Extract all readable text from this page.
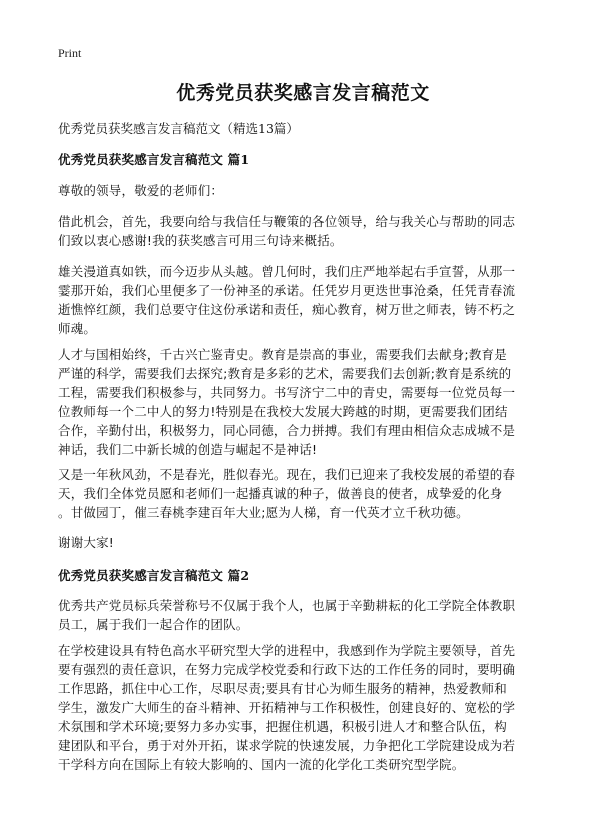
Print
优秀党员获奖感言发言稿范文
优秀党员获奖感言发言稿范文（精选13篇）
优秀党员获奖感言发言稿范文 篇1
尊敬的领导，敬爱的老师们：
借此机会，首先，我要向给与我信任与鞭策的各位领导，给与我关心与帮助的同志
们致以衷心感谢!我的获奖感言可用三句诗来概括。
雄关漫道真如铁，而今迈步从头越。曾几何时，我们庄严地举起右手宣誓，从那一
霎那开始，我们心里便多了一份神圣的承诺。任凭岁月更迭世事沧桑，任凭青春流
逝憔悴红颜，我们总要守住这份承诺和责任，痴心教育，树万世之师表，铸不朽之
师魂。
人才与国相始终，千古兴亡鉴青史。教育是崇高的事业，需要我们去献身;教育是
严谨的科学，需要我们去探究;教育是多彩的艺术，需要我们去创新;教育是系统的
工程，需要我们积极参与，共同努力。书写济宁二中的青史，需要每一位党员每一
位教师每一个二中人的努力!特别是在我校大发展大跨越的时期，更需要我们团结
合作，辛勤付出，积极努力，同心同德，合力拼搏。我们有理由相信众志成城不是
神话，我们二中新长城的创造与崛起不是神话!
又是一年秋风劲，不是春光，胜似春光。现在，我们已迎来了我校发展的希望的春
天，我们全体党员愿和老师们一起播真诚的种子，做善良的使者，成挚爱的化身
。甘做园丁，催三春桃李建百年大业;愿为人梯，育一代英才立千秋功德。
谢谢大家!
优秀党员获奖感言发言稿范文 篇2
优秀共产党员标兵荣誉称号不仅属于我个人，也属于辛勤耕耘的化工学院全体教职
员工，属于我们一起合作的团队。
在学校建设具有特色高水平研究型大学的进程中，我感到作为学院主要领导，首先
要有强烈的责任意识，在努力完成学校党委和行政下达的工作任务的同时，要明确
工作思路，抓住中心工作，尽职尽责;要具有甘心为师生服务的精神，热爱教师和
学生，激发广大师生的奋斗精神、开拓精神与工作积极性，创建良好的、宽松的学
术氛围和学术环境;要努力多办实事，把握住机遇，积极引进人才和整合队伍，构
建团队和平台，勇于对外开拓，谋求学院的快速发展，力争把化工学院建设成为若
干学科方向在国际上有较大影响的、国内一流的化学化工类研究型学院。
